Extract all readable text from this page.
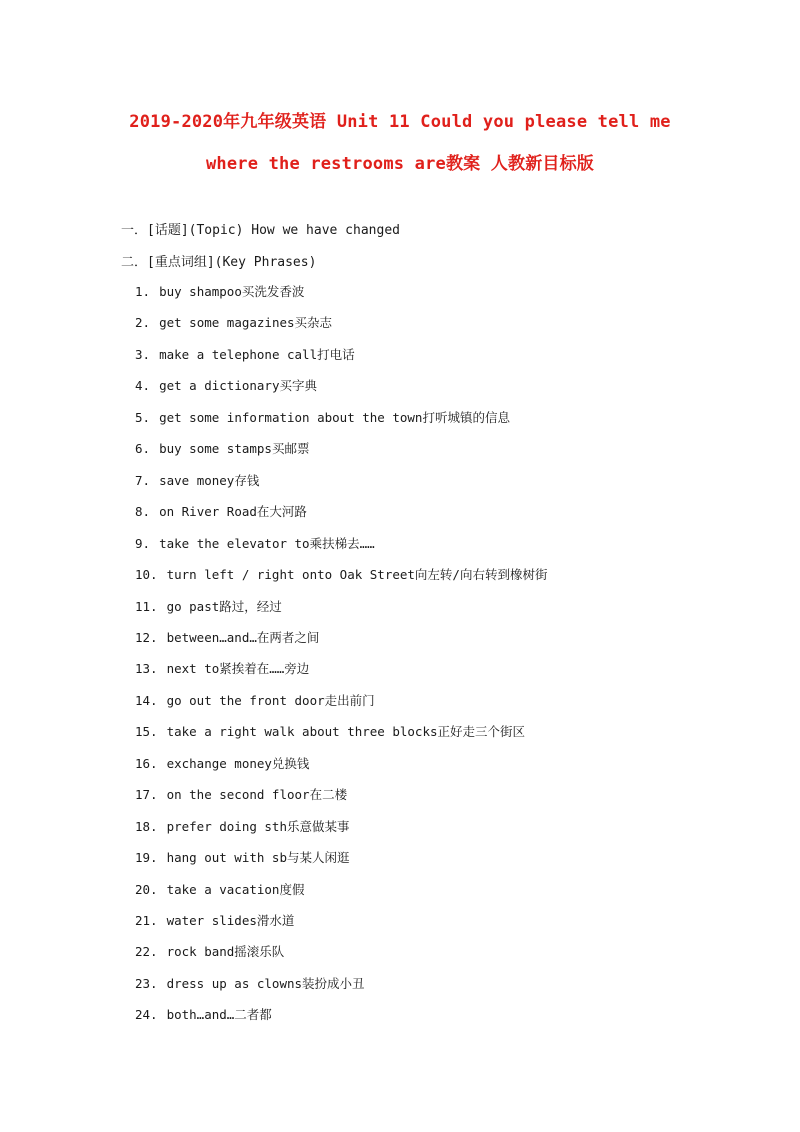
2019-2020年九年级英语 Unit 11 Could you please tell me
where the restrooms are教案 人教新目标版
一．[话题](Topic) How we have changed
二．[重点词组](Key Phrases)
1. buy shampoo买洗发香波
2. get some magazines买杂志
3. make a telephone call打电话
4. get a dictionary买字典
5. get some information about the town打听城镇的信息
6. buy some stamps买邮票
7. save money存钱
8. on River Road在大河路
9. take the elevator to乘扶梯去……
10. turn left / right onto Oak Street向左转/向右转到橡树街
11. go past路过，经过
12. between…and…在两者之间
13. next to紧挨着在……旁边
14. go out the front door走出前门
15. take a right walk about three blocks正好走三个街区
16. exchange money兑换钱
17. on the second floor在二楼
18. prefer doing sth乐意做某事
19. hang out with sb与某人闲逛
20. take a vacation度假
21. water slides滑水道
22. rock band摇滚乐队
23. dress up as clowns装扮成小丑
24. both…and…二者都
